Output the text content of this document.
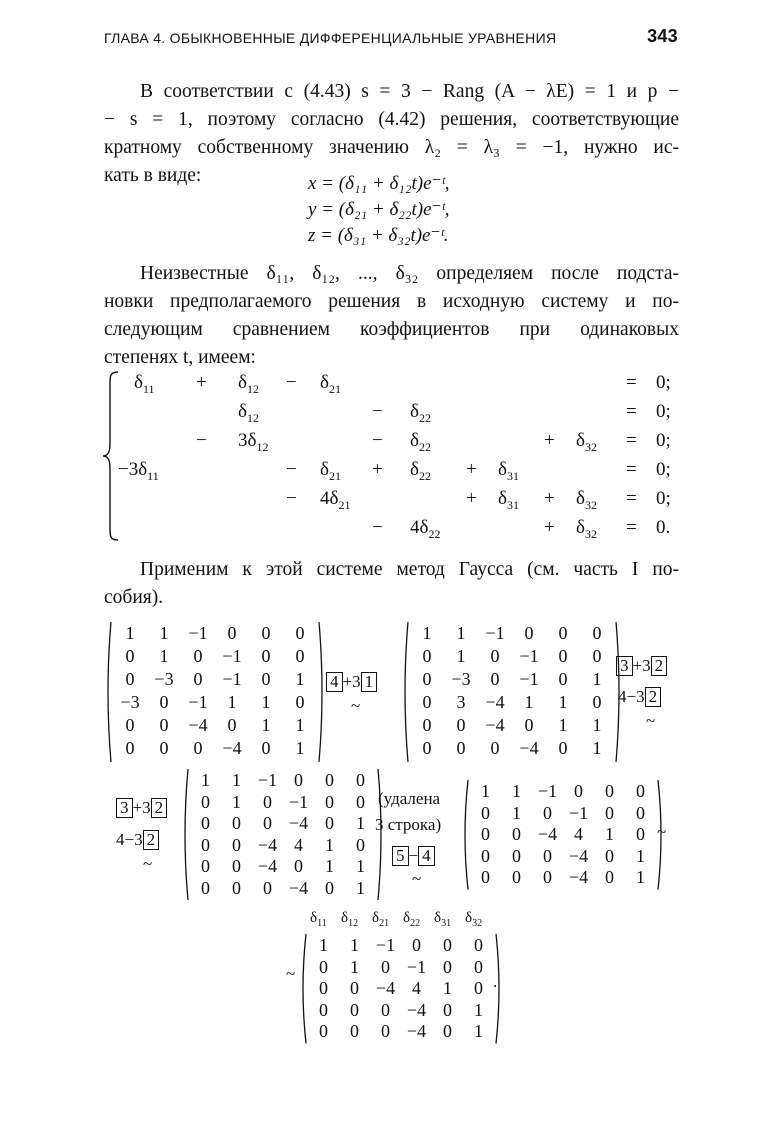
ГЛАВА 4. ОБЫКНОВЕННЫЕ ДИФФЕРЕНЦИАЛЬНЫЕ УРАВНЕНИЯ	343
В соответствии с (4.43) s = 3 − Rang (A − λE) = 1 и p −
− s = 1, поэтому согласно (4.42) решения, соответствующие
кратному собственному значению λ₂ = λ₃ = −1, нужно ис-
кать в виде:	x = (δ₁₁ + δ₁₂t)e⁻ᵗ,
y = (δ₂₁ + δ₂₂t)e⁻ᵗ,
z = (δ₃₁ + δ₃₂t)e⁻ᵗ.
Неизвестные δ₁₁, δ₁₂, ..., δ₃₂ определяем после подста-
новки предполагаемого решения в исходную систему и по-
следующим сравнением коэффициентов при одинаковых
степенях t, имеем:
$\delta_{11} + \delta_{12} - \delta_{21}$	= 0;
$\delta_{12}$	− $\delta_{22}$	= 0;
− $3\delta_{12}$	− $\delta_{22}$	+ $\delta_{32} = 0$;
$-3\delta_{11}$	− $\delta_{21} + \delta_{22} + \delta_{31}$	= 0;
− $4\delta_{21}$	+ $\delta_{31} + \delta_{32} = 0$;
− $4\delta_{22}$	+ $\delta_{32} = 0$.
Применим к этой системе метод Гаусса (см. часть I по-
собия).
1	1	−1	0	0	0
0	1	0	−1	0	0
0	−3	0	−1	0	1
−3	0	−1	1	1	0
0	0	−4	0	1	1
0	0	0	−4	0	1
1	1	−1	0	0	0
0	1	0	−1	0	0
0	−3	0	−1	0	1
0	3	−4	1	1	0
0	0	−4	0	1	1
0	0	0	−4	0	1
1	1 −1 0	0	0
0	1	0 −1 0	0
0	0	0 −4 0	1
0	0 −4 4	1	0
0	0 −4 0	1	1
0	0	0 −4 0	1
1	1 −1 0	0	0
0	1	0 −1 0	0
0	0 −4 4	1	0
0	0	0 −4 0	1
0	0	0 −4 0	1
1	1 −1 0	0	0
0	1	0 −1 0	0
0	0 −4 4	1	0
0	0	0 −4 0	1
0	0	0 −4 0	1
4 +3 1
~
3 +3 2
4−3 2
~
3 +3 2
4−3 2
~
(удалена
3 строка)
5 − 4
~
~
~	.
$\delta_{11}$ $\delta_{12}$ $\delta_{21}$ $\delta_{22}$ $\delta_{31}$ $\delta_{32}$
